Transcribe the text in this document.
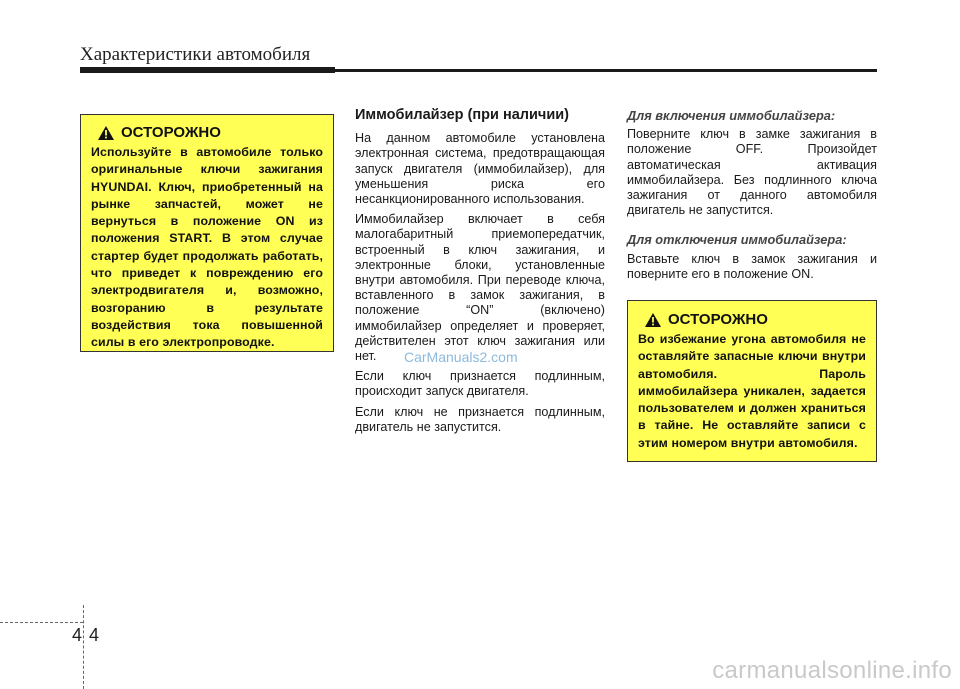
Характеристики автомобиля
ОСТОРОЖНО
Используйте в автомобиле только оригинальные ключи зажигания HYUNDAI. Ключ, приобретенный на рынке запчастей, может не вернуться в положение ON из положения START. В этом случае стартер будет продолжать работать, что приведет к повреждению его электродвигателя и, возможно, возгоранию в результате воздействия тока повышенной силы в его электропроводке.
Иммобилайзер (при наличии)

На данном автомобиле установлена электронная система, предотвращающая запуск двигателя (иммобилайзер), для уменьшения риска его несанкционированного использования.

Иммобилайзер включает в себя малогабаритный приемопередатчик, встроенный в ключ зажигания, и электронные блоки, установленные внутри автомобиля. При переводе ключа, вставленного в замок зажигания, в положение “ON” (включено) иммобилайзер определяет и проверяет, действителен этот ключ зажигания или нет.

Если ключ признается подлинным, происходит запуск двигателя.

Если ключ не признается подлинным, двигатель не запустится.

Для включения иммобилайзера:

Поверните ключ в замке зажигания в положение OFF. Произойдет автоматическая активация иммобилайзера. Без подлинного ключа зажигания от данного автомобиля двигатель не запустится.

Для отключения иммобилайзера:

Вставьте ключ в замок зажигания и поверните его в положение ON.

ОСТОРОЖНО
Во избежание угона автомобиля не оставляйте запасные ключи внутри автомобиля. Пароль иммобилайзера уникален, задается пользователем и должен храниться в тайне. Не оставляйте записи с этим номером внутри автомобиля.
CarManuals2.com
4 4
carmanualsonline.info
